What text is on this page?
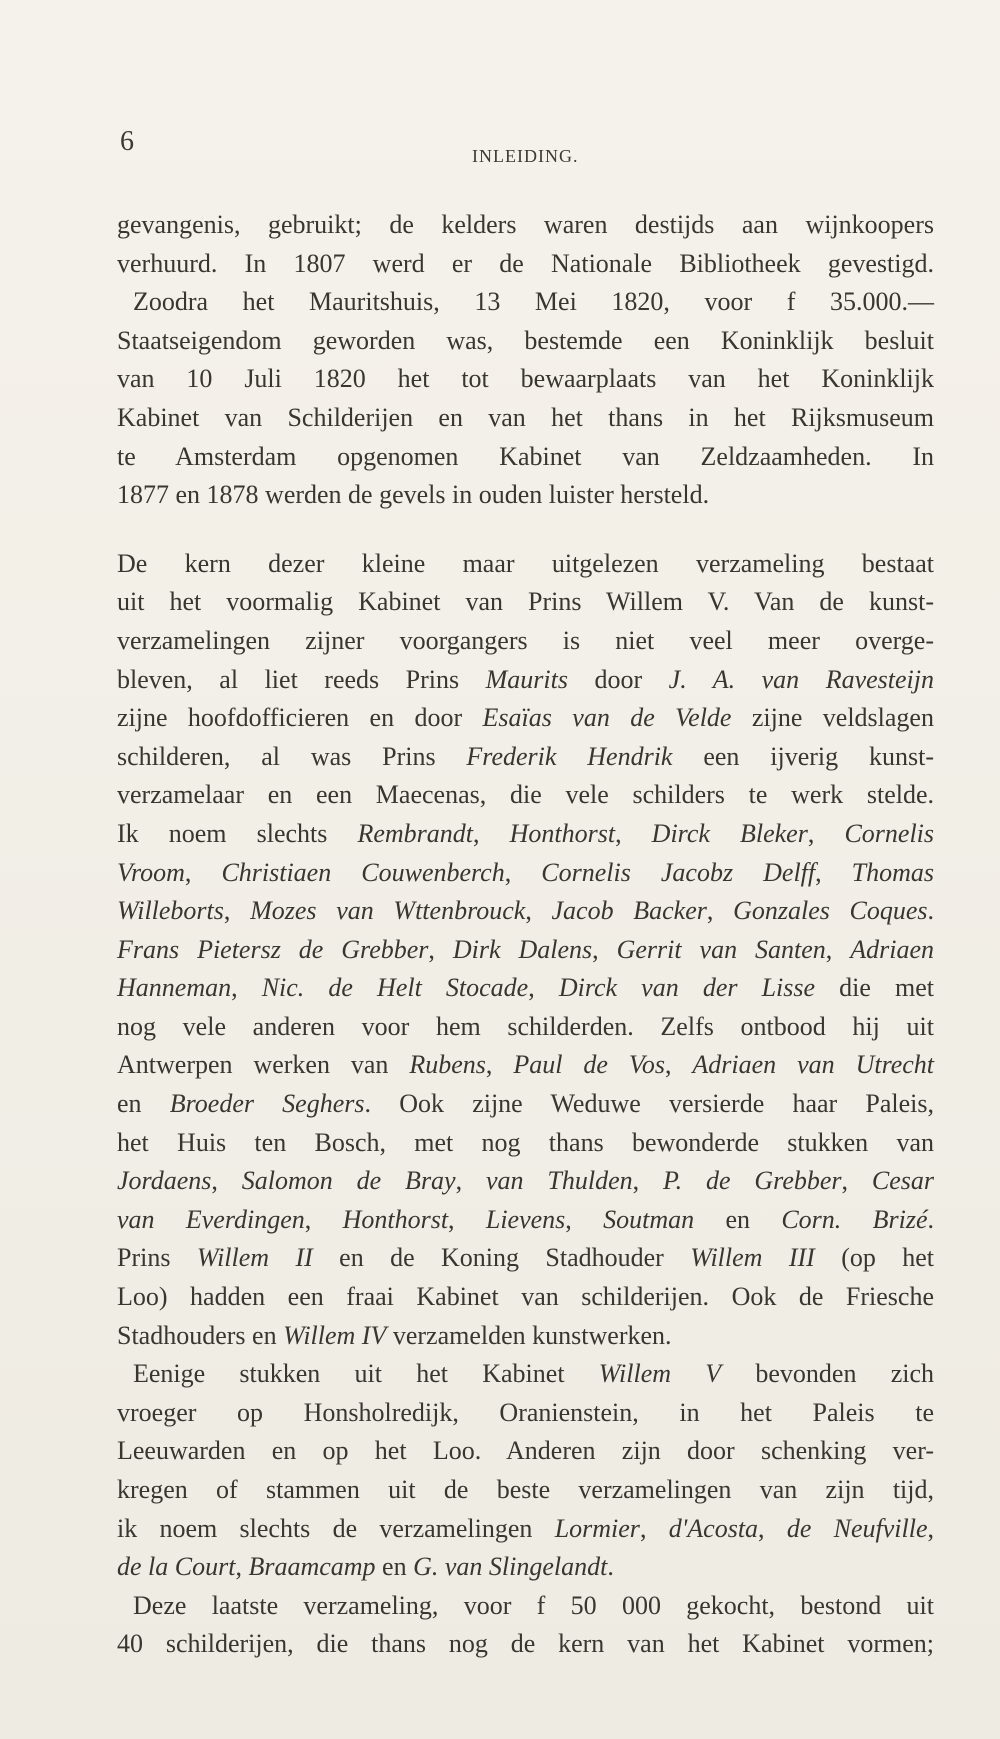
6	INLEIDING.
gevangenis, gebruikt; de kelders waren destijds aan wijnkoopers
verhuurd. In 1807 werd er de Nationale Bibliotheek gevestigd.
Zoodra het Mauritshuis, 13 Mei 1820, voor f 35.000.—
Staatseigendom geworden was, bestemde een Koninklijk besluit
van 10 Juli 1820 het tot bewaarplaats van het Koninklijk
Kabinet van Schilderijen en van het thans in het Rijksmuseum
te Amsterdam opgenomen Kabinet van Zeldzaamheden. In
1877 en 1878 werden de gevels in ouden luister hersteld.
De kern dezer kleine maar uitgelezen verzameling bestaat
uit het voormalig Kabinet van Prins Willem V. Van de kunst-
verzamelingen zijner voorgangers is niet veel meer overge-
bleven, al liet reeds Prins Maurits door J. A. van Ravesteijn
zijne hoofdofficieren en door Esaïas van de Velde zijne veldslagen
schilderen, al was Prins Frederik Hendrik een ijverig kunst-
verzamelaar en een Maecenas, die vele schilders te werk stelde.
Ik noem slechts Rembrandt, Honthorst, Dirck Bleker, Cornelis
Vroom, Christiaen Couwenberch, Cornelis Jacobz Delff, Thomas
Willeborts, Mozes van Wttenbrouck, Jacob Backer, Gonzales Coques.
Frans Pietersz de Grebber, Dirk Dalens, Gerrit van Santen, Adriaen
Hanneman, Nic. de Helt Stocade, Dirck van der Lisse die met
nog vele anderen voor hem schilderden. Zelfs ontbood hij uit
Antwerpen werken van Rubens, Paul de Vos, Adriaen van Utrecht
en Broeder Seghers. Ook zijne Weduwe versierde haar Paleis,
het Huis ten Bosch, met nog thans bewonderde stukken van
Jordaens, Salomon de Bray, van Thulden, P. de Grebber, Cesar
van Everdingen, Honthorst, Lievens, Soutman en Corn. Brizé.
Prins Willem II en de Koning Stadhouder Willem III (op het
Loo) hadden een fraai Kabinet van schilderijen. Ook de Friesche
Stadhouders en Willem IV verzamelden kunstwerken.
Eenige stukken uit het Kabinet Willem V bevonden zich
vroeger op Honsholredijk, Oranienstein, in het Paleis te
Leeuwarden en op het Loo. Anderen zijn door schenking ver-
kregen of stammen uit de beste verzamelingen van zijn tijd,
ik noem slechts de verzamelingen Lormier, d'Acosta, de Neufville,
de la Court, Braamcamp en G. van Slingelandt.
Deze laatste verzameling, voor f 50 000 gekocht, bestond uit
40 schilderijen, die thans nog de kern van het Kabinet vormen;
